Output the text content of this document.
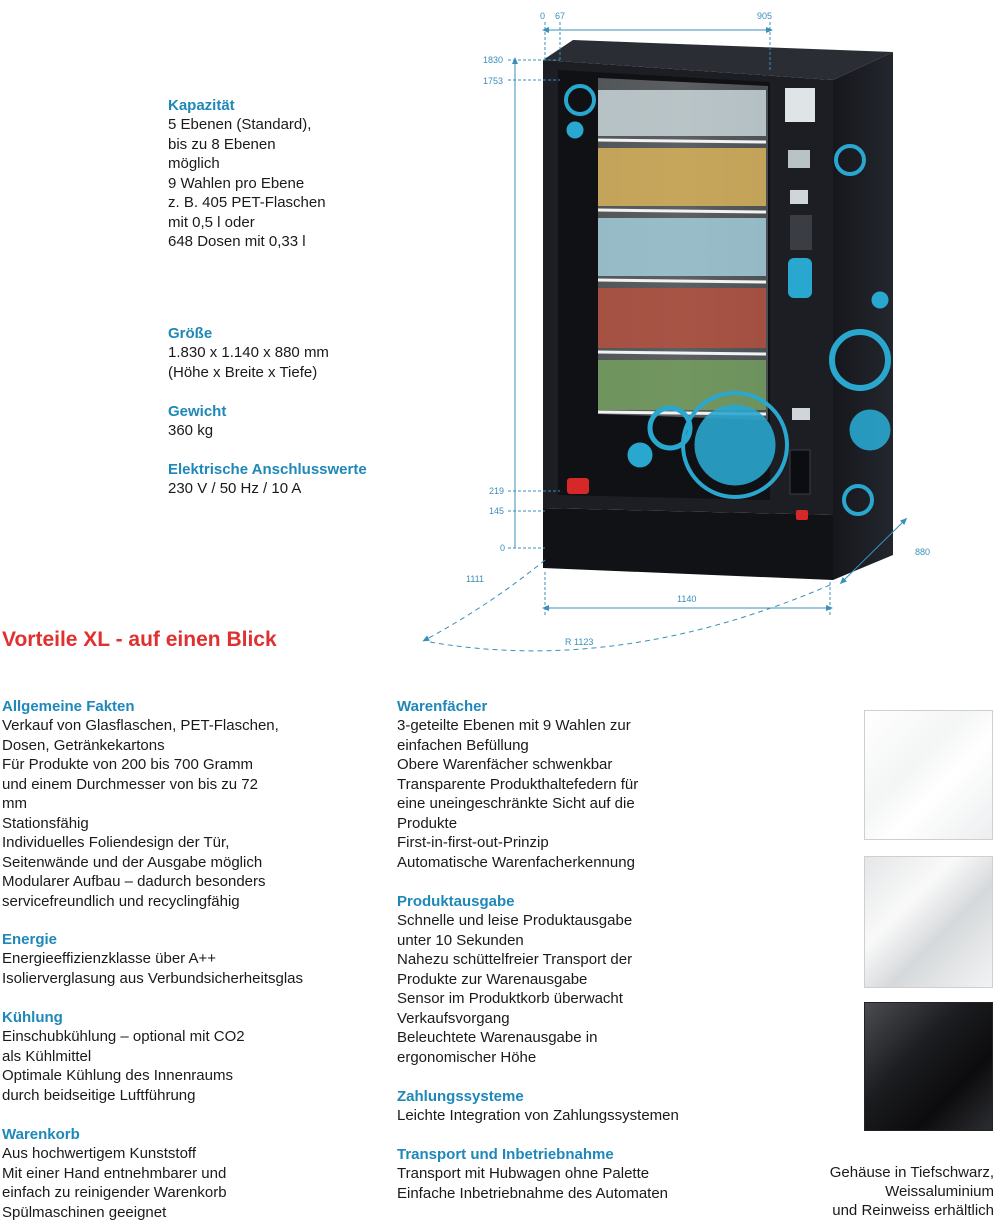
Kapazität
5 Ebenen (Standard),
bis zu 8 Ebenen
möglich
9 Wahlen pro Ebene
z. B. 405 PET-Flaschen
mit 0,5 l oder
648 Dosen mit 0,33 l
Größe
1.830 x 1.140 x 880 mm
(Höhe x Breite x Tiefe)
Gewicht
360 kg
Elektrische Anschlusswerte
230 V / 50 Hz / 10 A
0 67	905
1830
1753
219
145
0
1111
1140
880
R 1123
Vorteile XL - auf einen Blick
Allgemeine Fakten
Verkauf von Glasflaschen, PET-Flaschen,
Dosen, Getränkekartons
Für Produkte von 200 bis 700 Gramm
und einem Durchmesser von bis zu 72
mm
Stationsfähig
Individuelles Foliendesign der Tür,
Seitenwände und der Ausgabe möglich
Modularer Aufbau – dadurch besonders
servicefreundlich und recyclingfähig
Energie
Energieeffizienzklasse über A++
Isolierverglasung aus Verbundsicherheitsglas
Kühlung
Einschubkühlung – optional mit CO2
als Kühlmittel
Optimale Kühlung des Innenraums
durch beidseitige Luftführung
Warenkorb
Aus hochwertigem Kunststoff
Mit einer Hand entnehmbarer und
einfach zu reinigender Warenkorb
Spülmaschinen geeignet
Warenfächer
3-geteilte Ebenen mit 9 Wahlen zur
einfachen Befüllung
Obere Warenfächer schwenkbar
Transparente Produkthaltefedern für
eine uneingeschränkte Sicht auf die
Produkte
First-in-first-out-Prinzip
Automatische Warenfacherkennung
Produktausgabe
Schnelle und leise Produktausgabe
unter 10 Sekunden
Nahezu schüttelfreier Transport der
Produkte zur Warenausgabe
Sensor im Produktkorb überwacht
Verkaufsvorgang
Beleuchtete Warenausgabe in
ergonomischer Höhe
Zahlungssysteme
Leichte Integration von Zahlungssystemen
Transport und Inbetriebnahme
Transport mit Hubwagen ohne Palette
Einfache Inbetriebnahme des Automaten
Gehäuse in Tiefschwarz,
Weissaluminium
und Reinweiss erhältlich
